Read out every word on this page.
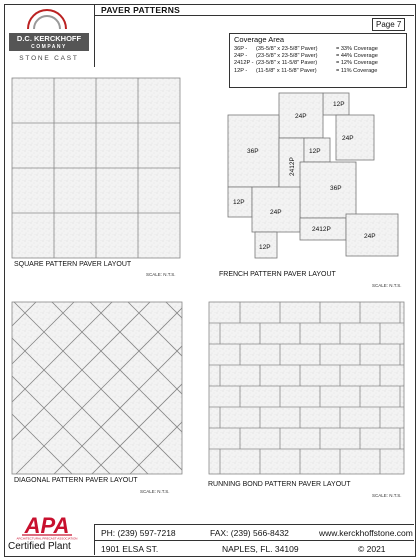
D.C. KERCKHOFF
COMPANY
STONE CAST
PAVER PATTERNS
Page 7
Coverage Area
36P -	(35-5/8" x 23-5/8" Paver)	= 33% Coverage
24P -	(23-5/8" x 23-5/8" Paver)	= 44% Coverage
2412P - (23-5/8" x 11-5/8" Paver)	= 12% Coverage
12P -	(11-5/8" x 11-5/8" Paver)	= 11% Coverage
12P
24P
36P
2412P
12P
24P
36P
12P
24P
2412P
24P
12P
SQUARE PATTERN PAVER LAYOUT
SCALE: N.T.S.	FRENCH PATTERN PAVER LAYOUT
SCALE: N.T.S.
DIAGONAL PATTERN PAVER LAYOUT
SCALE: N.T.S.
RUNNING BOND PATTERN PAVER LAYOUT
SCALE: N.T.S.
APA
ARCHITECTURAL PRECAST ASSOCIATION
Certified Plant
PH: (239) 597-7218	FAX: (239) 566-8432	www.kerckhoffstone.com
1901 ELSA ST.	NAPLES, FL. 34109	© 2021
